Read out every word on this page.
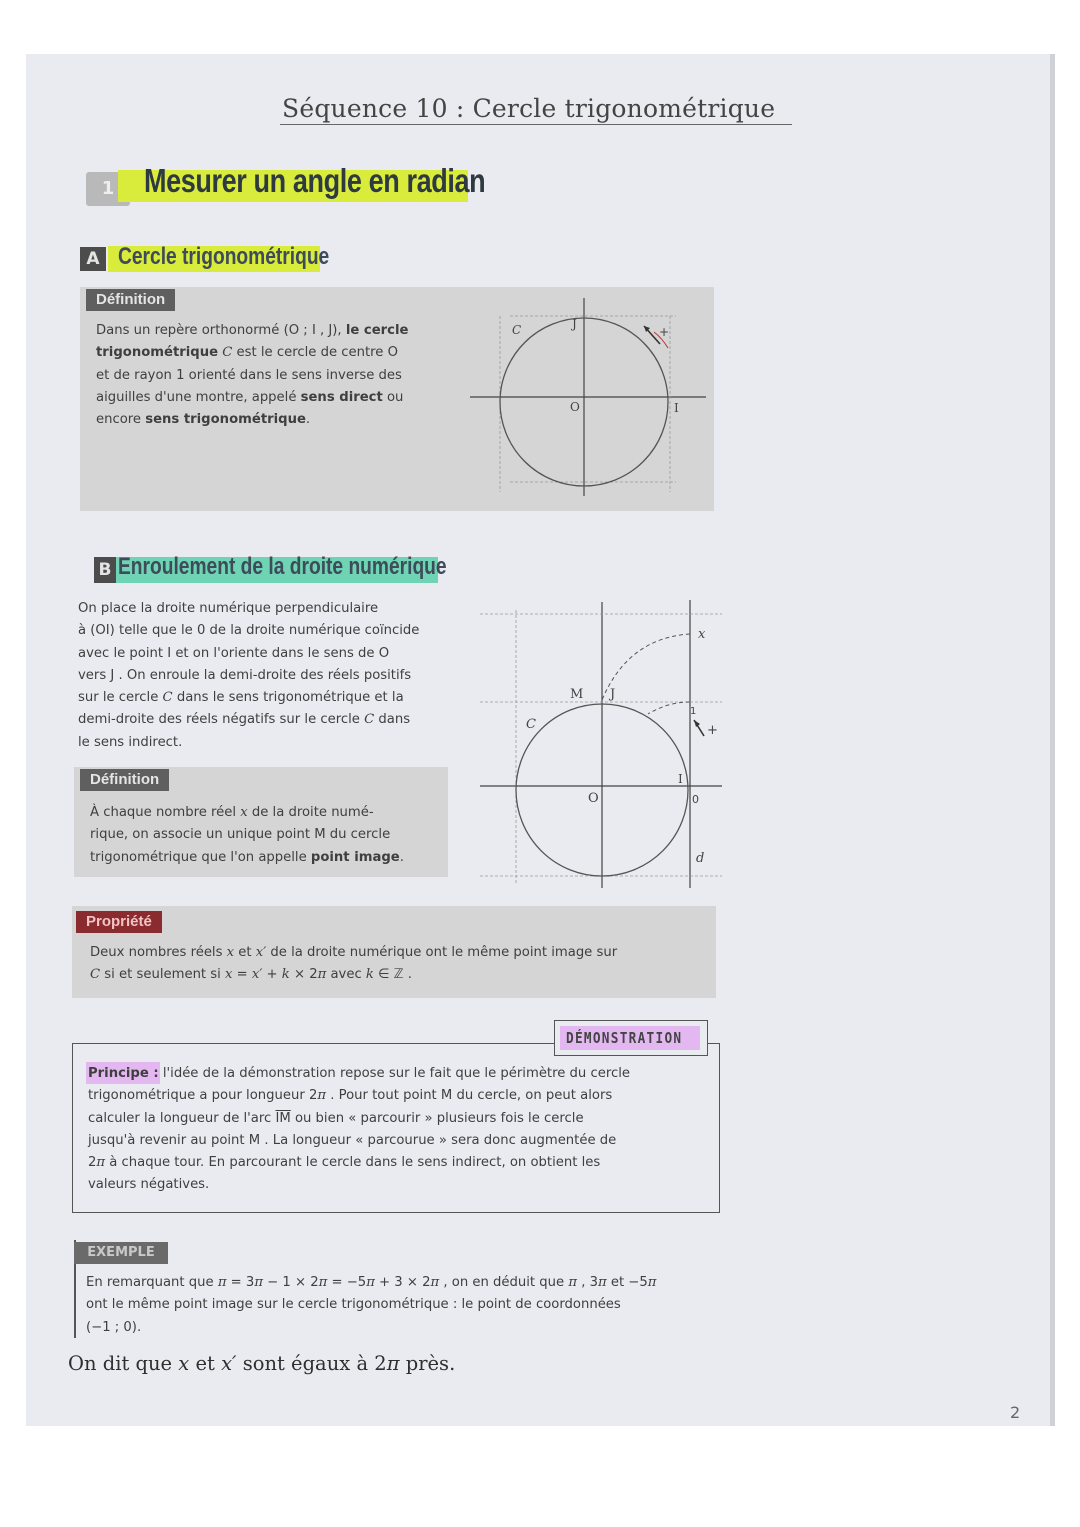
Séquence 10 : Cercle trigonométrique
1 Mesurer un angle en radian
A Cercle trigonométrique
Définition
Dans un repère orthonormé (O ; I , J), le cercle
trigonométrique C est le cercle de centre O
et de rayon 1 orienté dans le sens inverse des
aiguilles d'une montre, appelé sens direct ou
encore sens trigonométrique.
C	J
O	I
+
B Enroulement de la droite numérique
On place la droite numérique perpendiculaire
à (OI) telle que le 0 de la droite numérique coïncide
avec le point I et on l'oriente dans le sens de O
vers J . On enroule la demi-droite des réels positifs
sur le cercle C dans le sens trigonométrique et la
demi-droite des réels négatifs sur le cercle C dans
le sens indirect.
Définition
À chaque nombre réel x de la droite numé-
rique, on associe un unique point M du cercle
trigonométrique que l'on appelle point image.
x
M J
C
1
+
I
O	0
d
Propriété
Deux nombres réels x et x′ de la droite numérique ont le même point image sur
C si et seulement si x = x′ + k × 2π avec k ∈ ℤ .
DÉMONSTRATION
Principe : l'idée de la démonstration repose sur le fait que le périmètre du cercle
trigonométrique a pour longueur 2π . Pour tout point M du cercle, on peut alors
calculer la longueur de l'arc $\overline{IM}$ ou bien « parcourir » plusieurs fois le cercle
jusqu'à revenir au point M . La longueur « parcourue » sera donc augmentée de
2π à chaque tour. En parcourant le cercle dans le sens indirect, on obtient les
valeurs négatives.
EXEMPLE
En remarquant que π = 3π − 1 × 2π = −5π + 3 × 2π , on en déduit que π , 3π et −5π
ont le même point image sur le cercle trigonométrique : le point de coordonnées
(−1 ; 0).
On dit que x et x′ sont égaux à 2π près.
2
